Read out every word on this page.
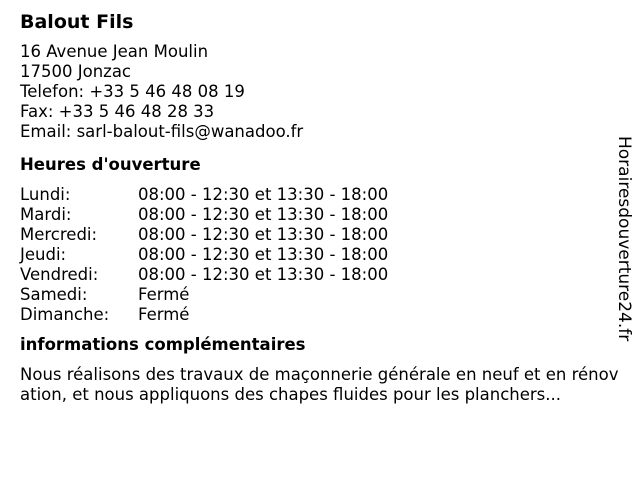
Balout Fils
16 Avenue Jean Moulin
17500 Jonzac
Telefon: +33 5 46 48 08 19
Fax: +33 5 46 48 28 33
Email: sarl-balout-fils@wanadoo.fr
Heures d'ouverture
Lundi:	08:00 - 12:30 et 13:30 - 18:00
Mardi:	08:00 - 12:30 et 13:30 - 18:00
Mercredi:	08:00 - 12:30 et 13:30 - 18:00
Jeudi:	08:00 - 12:30 et 13:30 - 18:00
Vendredi:	08:00 - 12:30 et 13:30 - 18:00
Samedi:	Fermé
Dimanche:	Fermé
informations complémentaires
Nous réalisons des travaux de maçonnerie générale en neuf et en rénovation, et nous appliquons des chapes fluides pour les planchers...
Horairesdouverture24.fr
